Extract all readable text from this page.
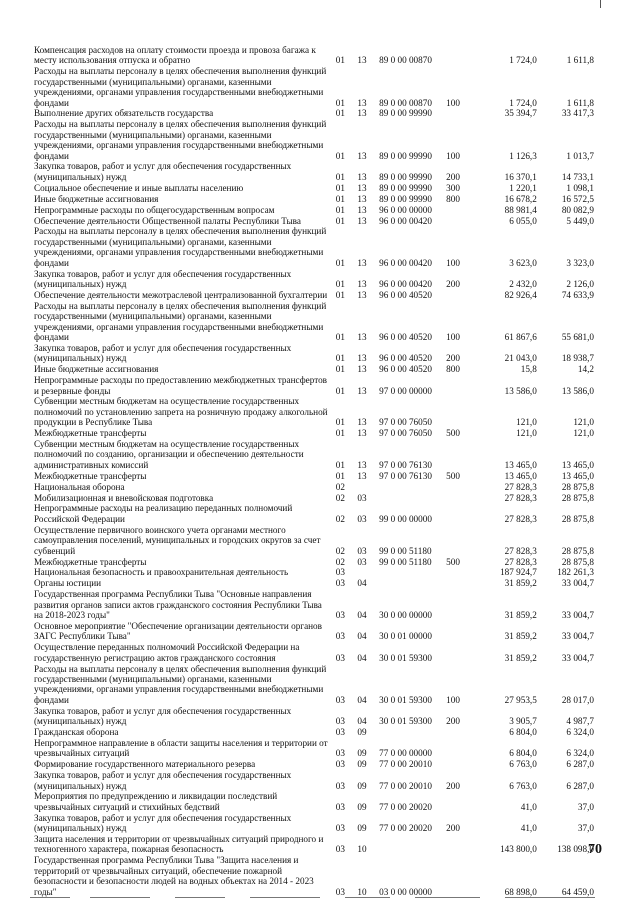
Компенсация расходов на оплату стоимости проезда и провоза багажа к месту использования отпуска и обратно	01	13	89 0 00 00870	1 724,0	1 611,8
Расходы на выплаты персоналу в целях обеспечения выполнения функций государственными (муниципальными) органами, казенными учреждениями, органами управления государственными внебюджетными фондами	01	13	89 0 00 00870	100	1 724,0	1 611,8
Выполнение других обязательств государства	01	13	89 0 00 99990	35 394,7	33 417,3
Расходы на выплаты персоналу в целях обеспечения выполнения функций государственными (муниципальными) органами, казенными учреждениями, органами управления государственными внебюджетными фондами	01	13	89 0 00 99990	100	1 126,3	1 013,7
Закупка товаров, работ и услуг для обеспечения государственных (муниципальных) нужд	01	13	89 0 00 99990	200	16 370,1	14 733,1
Социальное обеспечение и иные выплаты населению	01	13	89 0 00 99990	300	1 220,1	1 098,1
Иные бюджетные ассигнования	01	13	89 0 00 99990	800	16 678,2	16 572,5
Непрограммные расходы по общегосударственным вопросам	01	13	96 0 00 00000	88 981,4	80 082,9
Обеспечение деятельности Общественной палаты Республики Тыва	01	13	96 0 00 00420	6 055,0	5 449,0
Расходы на выплаты персоналу в целях обеспечения выполнения функций государственными (муниципальными) органами, казенными учреждениями, органами управления государственными внебюджетными фондами	01	13	96 0 00 00420	100	3 623,0	3 323,0
Закупка товаров, работ и услуг для обеспечения государственных (муниципальных) нужд	01	13	96 0 00 00420	200	2 432,0	2 126,0
Обеспечение деятельности межотраслевой централизованной бухгалтерии 01	13	96 0 00 40520	82 926,4	74 633,9
Расходы на выплаты персоналу в целях обеспечения выполнения функций государственными (муниципальными) органами, казенными учреждениями, органами управления государственными внебюджетными фондами	01	13	96 0 00 40520	100	61 867,6	55 681,0
Закупка товаров, работ и услуг для обеспечения государственных (муниципальных) нужд	01	13	96 0 00 40520	200	21 043,0	18 938,7
Иные бюджетные ассигнования	01	13	96 0 00 40520	800	15,8	14,2
Непрограммные расходы по предоставлению межбюджетных трансфертов и резервные фонды	01	13	97 0 00 00000	13 586,0	13 586,0
Субвенции местным бюджетам на осуществление государственных полномочий по установлению запрета на розничную продажу алкогольной продукции в Республике Тыва	01	13	97 0 00 76050	121,0	121,0
Межбюджетные трансферты	01	13	97 0 00 76050	500	121,0	121,0
Субвенции местным бюджетам на осуществление государственных полномочий по созданию, организации и обеспечению деятельности административных комиссий	01	13	97 0 00 76130	13 465,0	13 465,0
Межбюджетные трансферты	01	13	97 0 00 76130	500	13 465,0	13 465,0
Национальная оборона	02	27 828,3	28 875,8
Мобилизационная и вневойсковая подготовка	02	03	27 828,3	28 875,8
Непрограммные расходы на реализацию переданных полномочий Российской Федерации	02	03	99 0 00 00000	27 828,3	28 875,8
Осуществление первичного воинского учета органами местного самоуправления поселений, муниципальных и городских округов за счет субвенций	02	03	99 0 00 51180	27 828,3	28 875,8
Межбюджетные трансферты	02	03	99 0 00 51180	500	27 828,3	28 875,8
Национальная безопасность и правоохранительная деятельность	03	187 924,7	182 261,3
Органы юстиции	03	04	31 859,2	33 004,7
Государственная программа Республики Тыва "Основные направления развития органов записи актов гражданского состояния Республики Тыва на 2018-2023 годы"	03	04	30 0 00 00000	31 859,2	33 004,7
Основное мероприятие "Обеспечение организации деятельности органов ЗАГС Республики Тыва"	03	04	30 0 01 00000	31 859,2	33 004,7
Осуществление переданных полномочий Российской Федерации на государственную регистрацию актов гражданского состояния	03	04	30 0 01 59300	31 859,2	33 004,7
Расходы на выплаты персоналу в целях обеспечения выполнения функций государственными (муниципальными) органами, казенными учреждениями, органами управления государственными внебюджетными фондами	03	04	30 0 01 59300	100	27 953,5	28 017,0
Закупка товаров, работ и услуг для обеспечения государственных (муниципальных) нужд	03	04	30 0 01 59300	200	3 905,7	4 987,7
Гражданская оборона	03	09	6 804,0	6 324,0
Непрограммное направление в области защиты населения и территории от чрезвычайных ситуаций	03	09	77 0 00 00000	6 804,0	6 324,0
Формирование государственного материального резерва	03	09	77 0 00 20010	6 763,0	6 287,0
Закупка товаров, работ и услуг для обеспечения государственных (муниципальных) нужд	03	09	77 0 00 20010	200	6 763,0	6 287,0
Мероприятия по предупреждению и ликвидации последствий чрезвычайных ситуаций и стихийных бедствий	03	09	77 0 00 20020	41,0	37,0
Закупка товаров, работ и услуг для обеспечения государственных (муниципальных) нужд	03	09	77 0 00 20020	200	41,0	37,0
Защита населения и территории от чрезвычайных ситуаций природного и техногенного характера, пожарная безопасность	03	10	143 800,0	138 098,0
Государственная программа Республики Тыва "Защита населения и территорий от чрезвычайных ситуаций, обеспечение пожарной безопасности и безопасности людей на водных объектах на 2014 - 2023 годы"	03	10	03 0 00 00000	68 898,0	64 459,0
70
